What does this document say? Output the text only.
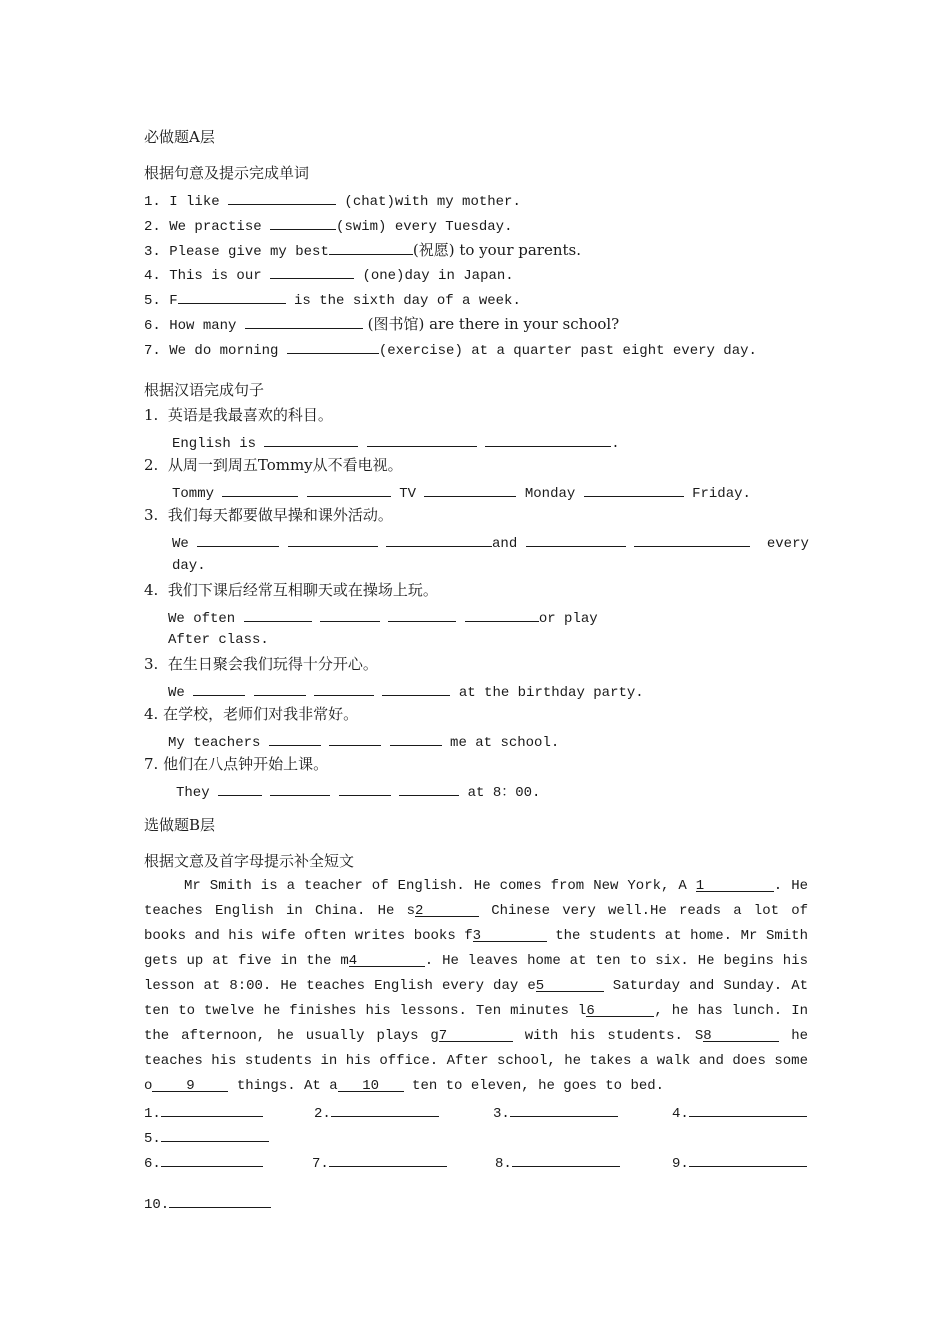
必做题A层
根据句意及提示完成单词
1. I like	(chat)with my mother.
2. We practise	(swim) every Tuesday.
3. Please give my best	(祝愿) to your parents.
4. This is our	(one)day in Japan.
5. F	is the sixth day of a week.
6. How many	(图书馆) are there in your school?
7. We do morning	(exercise) at a quarter past eight every day.
根据汉语完成句子
1. 英语是我最喜欢的科目。
English is	.
2. 从周一到周五Tommy从不看电视。
Tommy	TV	Monday	Friday.
3. 我们每天都要做早操和课外活动。
We	and	every
day.
4. 我们下课后经常互相聊天或在操场上玩。
We often	or play
After class.
3. 在生日聚会我们玩得十分开心。
We	at the birthday party.
4. 在学校，老师们对我非常好。
My teachers	me at school.
7. 他们在八点钟开始上课。
They	at 8：00.
选做题B层
根据文意及首字母提示补全短文
Mr Smith is a teacher of English. He comes from New York, A 1	. He
teaches English in China. He s2	Chinese very well.He reads a lot of
books and his wife often writes books f3	the students at home. Mr Smith
gets up at five in the m4	. He leaves home at ten to six. He begins his
lesson at 8:00. He teaches English every day e5	Saturday and Sunday. At
ten to twelve he finishes his lessons. Ten minutes l6	, he has lunch. In
the afternoon, he usually plays g7	with his students. S8	he
teaches his students in his office. After school, he takes a walk and does some
o 9	things. At a 10 ten to eleven, he goes to bed.
1.	2.	3.	4.
5.
6.	7.	8.	9.
10.
